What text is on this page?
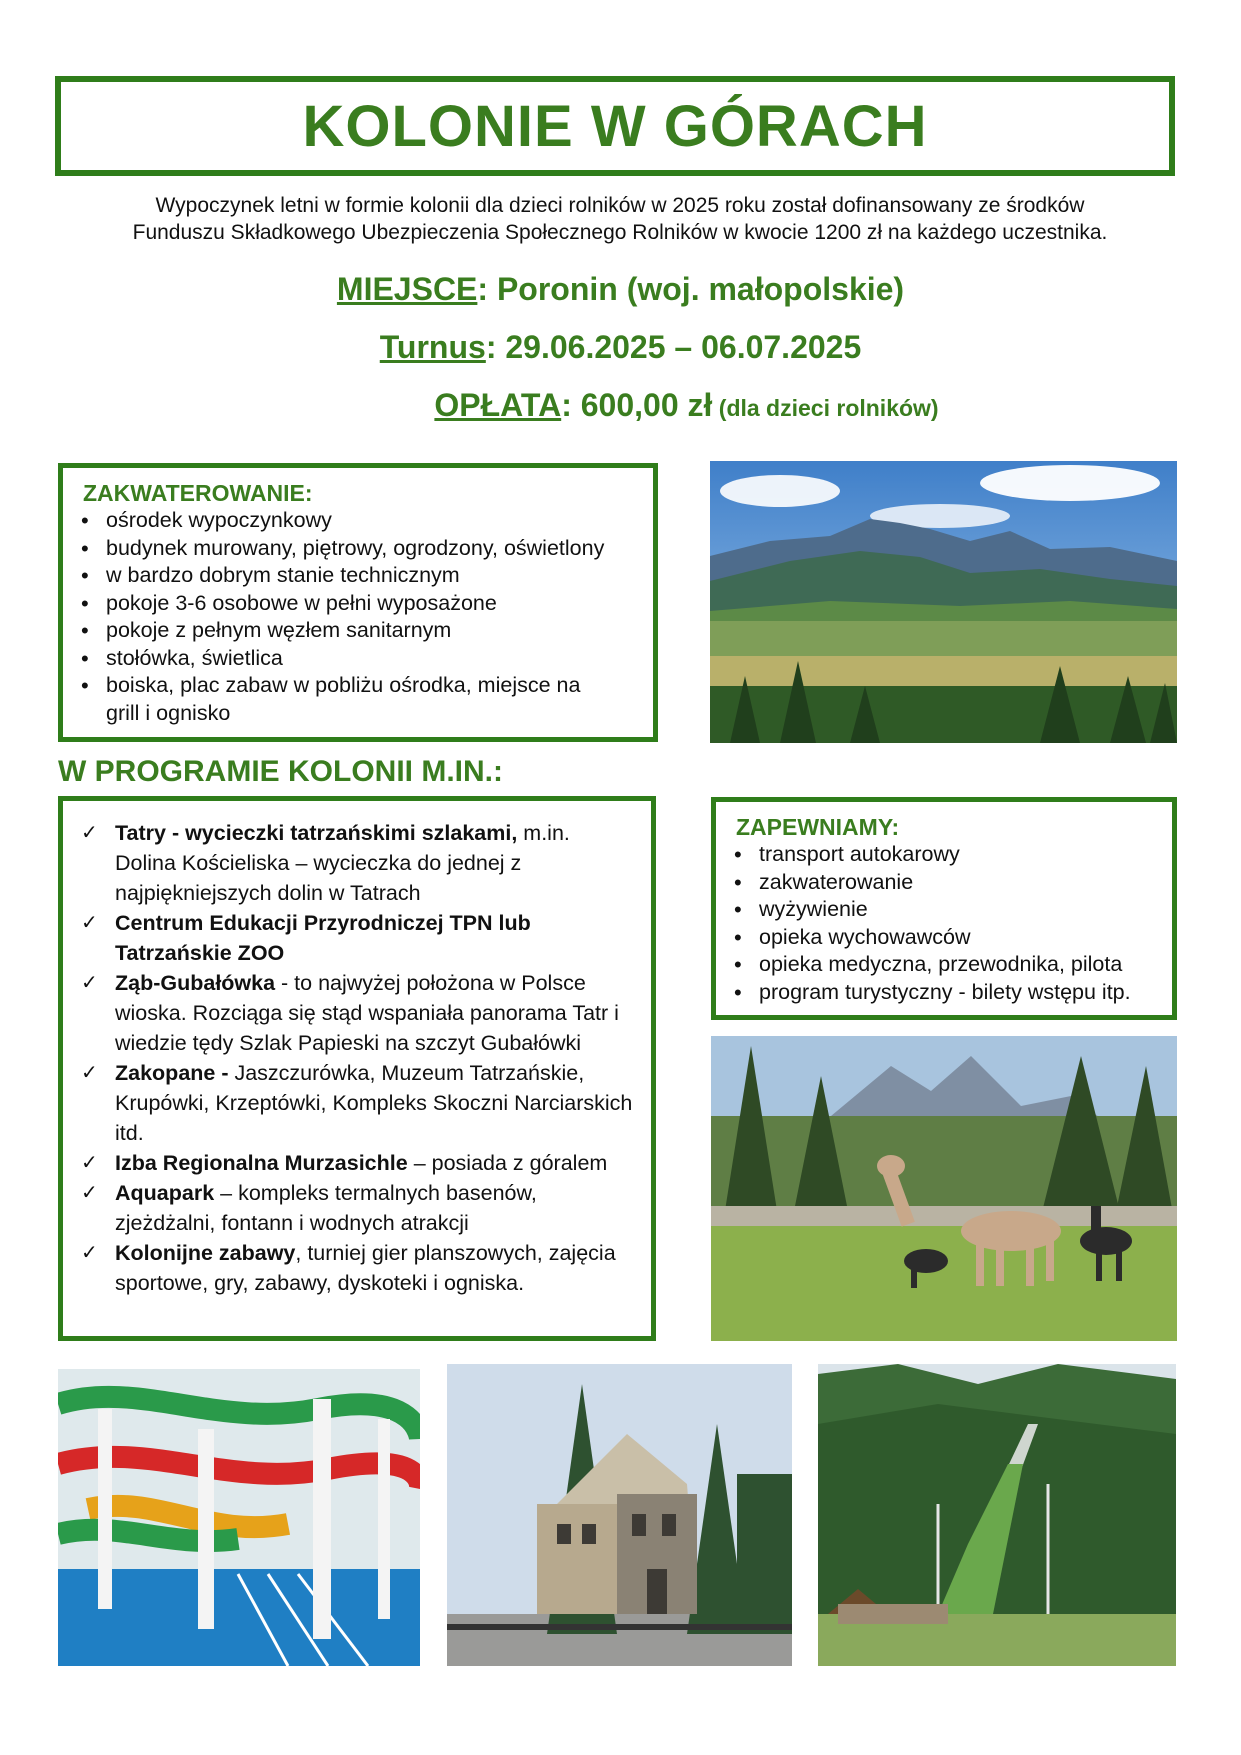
KOLONIE W GÓRACH
Wypoczynek letni w formie kolonii dla dzieci rolników w 2025 roku został dofinansowany ze środków
Funduszu Składkowego Ubezpieczenia Społecznego Rolników w kwocie 1200 zł na każdego uczestnika.
MIEJSCE: Poronin (woj. małopolskie)
Turnus: 29.06.2025 – 06.07.2025
OPŁATA: 600,00 zł (dla dzieci rolników)
ZAKWATEROWANIE:
• ośrodek wypoczynkowy
• budynek murowany, piętrowy, ogrodzony, oświetlony
• w bardzo dobrym stanie technicznym
• pokoje 3-6 osobowe w pełni wyposażone
• pokoje z pełnym węzłem sanitarnym
• stołówka, świetlica
• boiska, plac zabaw w pobliżu ośrodka, miejsce na grill i ognisko
W PROGRAMIE KOLONII M.IN.:
✓ Tatry - wycieczki tatrzańskimi szlakami, m.in. Dolina Kościeliska – wycieczka do jednej z najpiękniejszych dolin w Tatrach
✓ Centrum Edukacji Przyrodniczej TPN lub Tatrzańskie ZOO
✓ Ząb-Gubałówka - to najwyżej położona w Polsce wioska. Rozciąga się stąd wspaniała panorama Tatr i wiedzie tędy Szlak Papieski na szczyt Gubałówki
✓ Zakopane - Jaszczurówka, Muzeum Tatrzańskie, Krupówki, Krzeptówki, Kompleks Skoczni Narciarskich itd.
✓ Izba Regionalna Murzasichle – posiada z góralem
✓ Aquapark – kompleks termalnych basenów, zjeżdżalni, fontann i wodnych atrakcji
✓ Kolonijne zabawy, turniej gier planszowych, zajęcia sportowe, gry, zabawy, dyskoteki i ogniska.
ZAPEWNIAMY:
• transport autokarowy
• zakwaterowanie
• wyżywienie
• opieka wychowawców
• opieka medyczna, przewodnika, pilota
• program turystyczny - bilety wstępu itp.
